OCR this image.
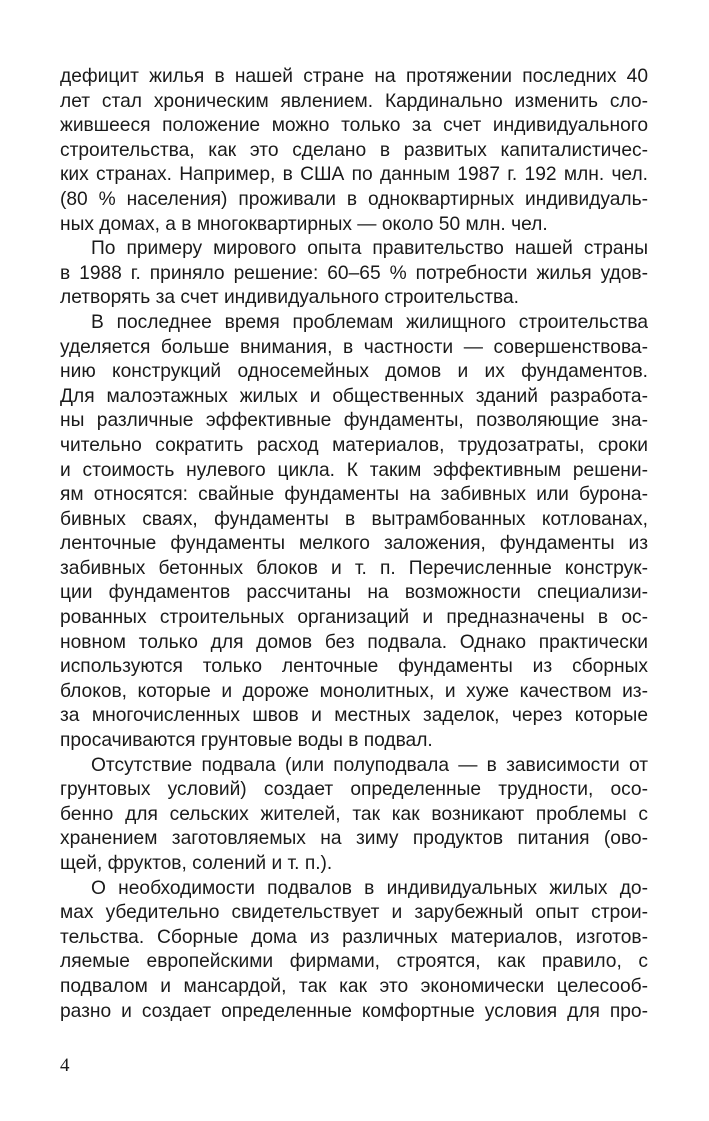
дефицит жилья в нашей стране на протяжении последних 40
лет стал хроническим явлением. Кардинально изменить сло-
жившееся положение можно только за счет индивидуального
строительства, как это сделано в развитых капиталистичес-
ких странах. Например, в США по данным 1987 г. 192 млн. чел.
(80 % населения) проживали в одноквартирных индивидуаль-
ных домах, а в многоквартирных — около 50 млн. чел.
По примеру мирового опыта правительство нашей страны
в 1988 г. приняло решение: 60–65 % потребности жилья удов-
летворять за счет индивидуального строительства.
В последнее время проблемам жилищного строительства
уделяется больше внимания, в частности — совершенствова-
нию конструкций односемейных домов и их фундаментов.
Для малоэтажных жилых и общественных зданий разработа-
ны различные эффективные фундаменты, позволяющие зна-
чительно сократить расход материалов, трудозатраты, сроки
и стоимость нулевого цикла. К таким эффективным решени-
ям относятся: свайные фундаменты на забивных или бурона-
бивных сваях, фундаменты в вытрамбованных котлованах,
ленточные фундаменты мелкого заложения, фундаменты из
забивных бетонных блоков и т. п. Перечисленные конструк-
ции фундаментов рассчитаны на возможности специализи-
рованных строительных организаций и предназначены в ос-
новном только для домов без подвала. Однако практически
используются только ленточные фундаменты из сборных
блоков, которые и дороже монолитных, и хуже качеством из-
за многочисленных швов и местных заделок, через которые
просачиваются грунтовые воды в подвал.
Отсутствие подвала (или полуподвала — в зависимости от
грунтовых условий) создает определенные трудности, осо-
бенно для сельских жителей, так как возникают проблемы с
хранением заготовляемых на зиму продуктов питания (ово-
щей, фруктов, солений и т. п.).
О необходимости подвалов в индивидуальных жилых до-
мах убедительно свидетельствует и зарубежный опыт строи-
тельства. Сборные дома из различных материалов, изготов-
ляемые европейскими фирмами, строятся, как правило, с
подвалом и мансардой, так как это экономически целесооб-
разно и создает определенные комфортные условия для про-
4
